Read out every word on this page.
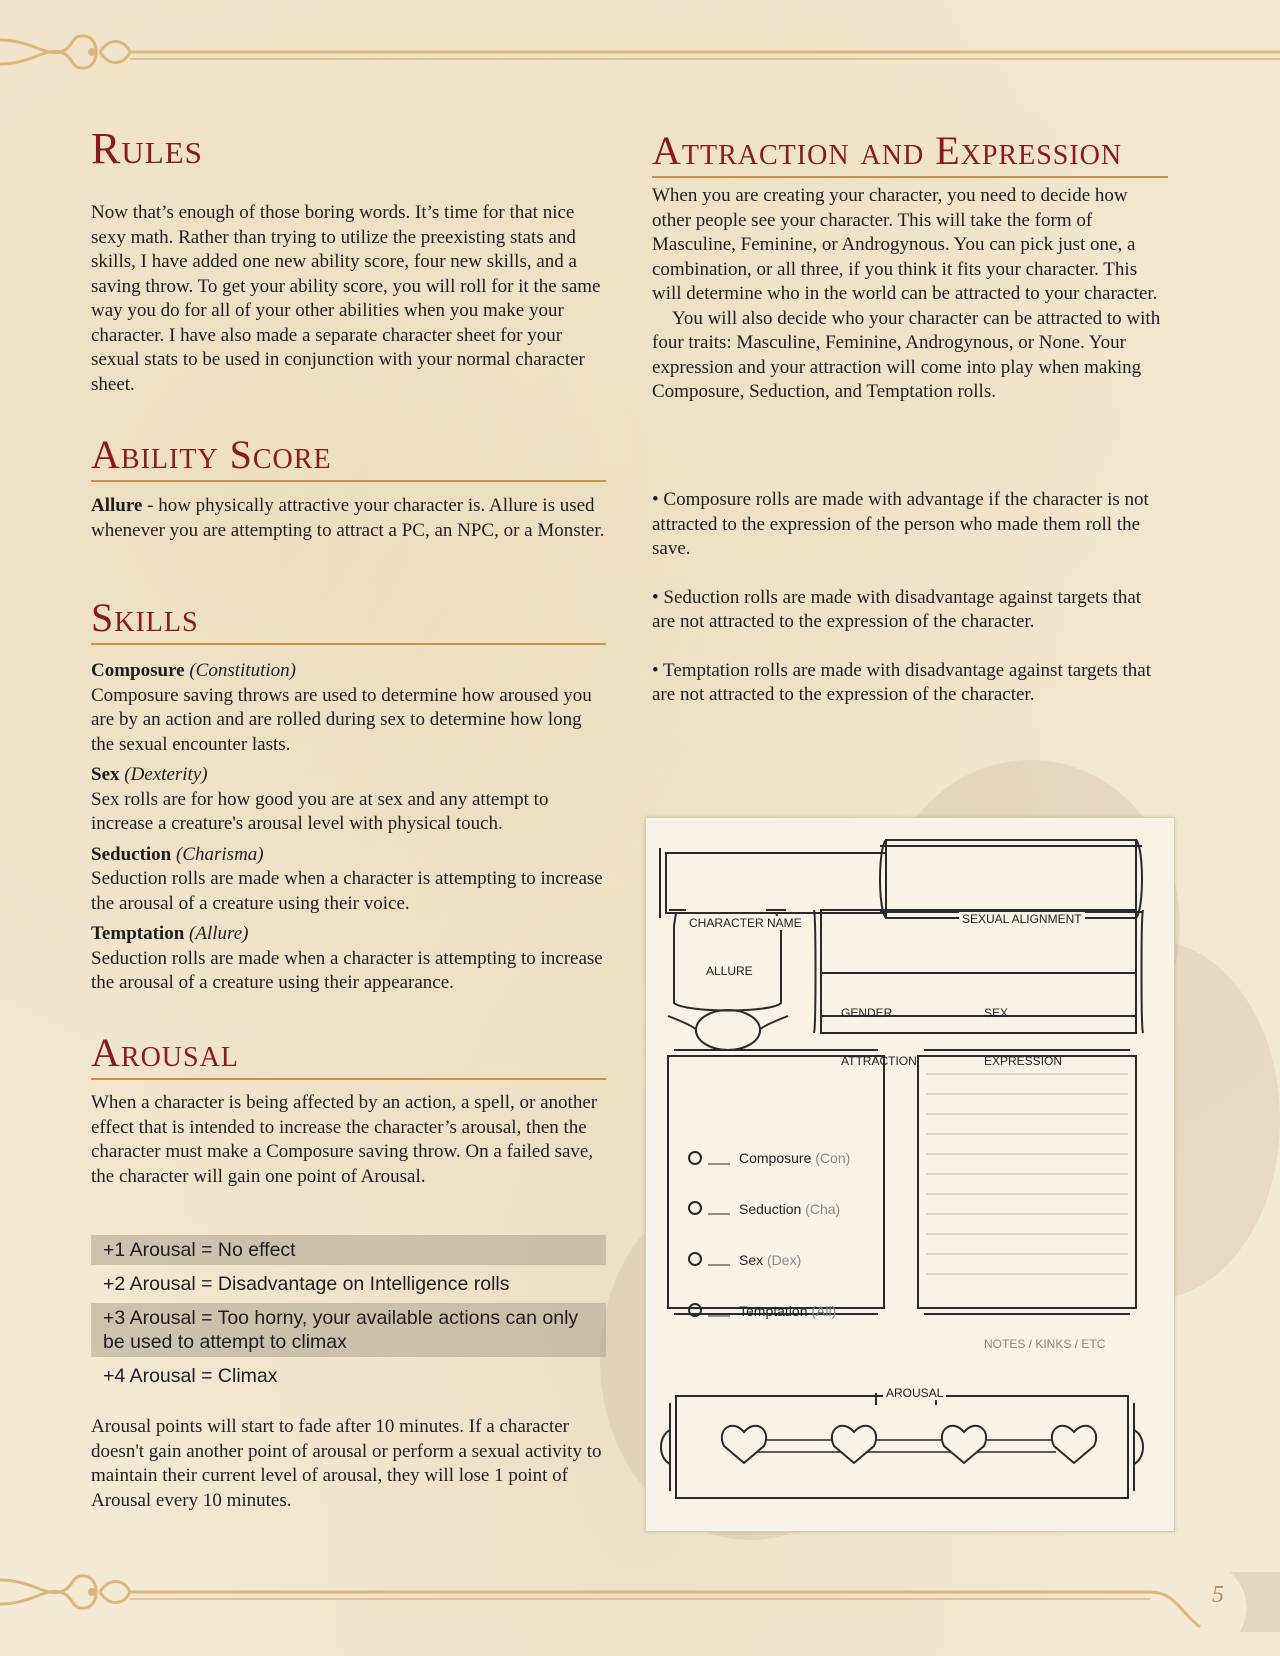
Rules

Now that’s enough of those boring words. It’s time for that nice sexy math. Rather than trying to utilize the preexisting stats and skills, I have added one new ability score, four new skills, and a saving throw. To get your ability score, you will roll for it the same way you do for all of your other abilities when you make your character. I have also made a separate character sheet for your sexual stats to be used in conjunction with your normal character sheet.

Ability Score

Allure - how physically attractive your character is. Allure is used whenever you are attempting to attract a PC, an NPC, or a Monster.

Skills

Composure (Constitution)

Composure saving throws are used to determine how aroused you are by an action and are rolled during sex to determine how long the sexual encounter lasts.

Sex (Dexterity)

Sex rolls are for how good you are at sex and any attempt to increase a creature's arousal level with physical touch.

Seduction (Charisma)

Seduction rolls are made when a character is attempting to increase the arousal of a creature using their voice.

Temptation (Allure)

Seduction rolls are made when a character is attempting to increase the arousal of a creature using their appearance.

Arousal

When a character is being affected by an action, a spell, or another effect that is intended to increase the character’s arousal, then the character must make a Composure saving throw. On a failed save, the character will gain one point of Arousal.

+1 Arousal = No effect
+2 Arousal = Disadvantage on Intelligence rolls
+3 Arousal = Too horny, your available actions can only be used to attempt to climax
+4 Arousal = Climax

Arousal points will start to fade after 10 minutes. If a character doesn't gain another point of arousal or perform a sexual activity to maintain their current level of arousal, they will lose 1 point of Arousal every 10 minutes.

Attraction and Expression

When you are creating your character, you need to decide how other people see your character. This will take the form of Masculine, Feminine, or Androgynous. You can pick just one, a combination, or all three, if you think it fits your character. This will determine who in the world can be attracted to your character.

You will also decide who your character can be attracted to with four traits: Masculine, Feminine, Androgynous, or None. Your expression and your attraction will come into play when making Composure, Seduction, and Temptation rolls.

• Composure rolls are made with advantage if the character is not attracted to the expression of the person who made them roll the save.

• Seduction rolls are made with disadvantage against targets that are not attracted to the expression of the character.

• Temptation rolls are made with disadvantage against targets that are not attracted to the expression of the character.

CHARACTER NAME	SEXUAL ALIGNMENT
ALLURE
GENDER	SEX
ATTRACTION	EXPRESSION
Composure (Con)
Seduction (Cha)
Sex (Dex)
Temptation (All)
NOTES / KINKS / ETC
AROUSAL
5
